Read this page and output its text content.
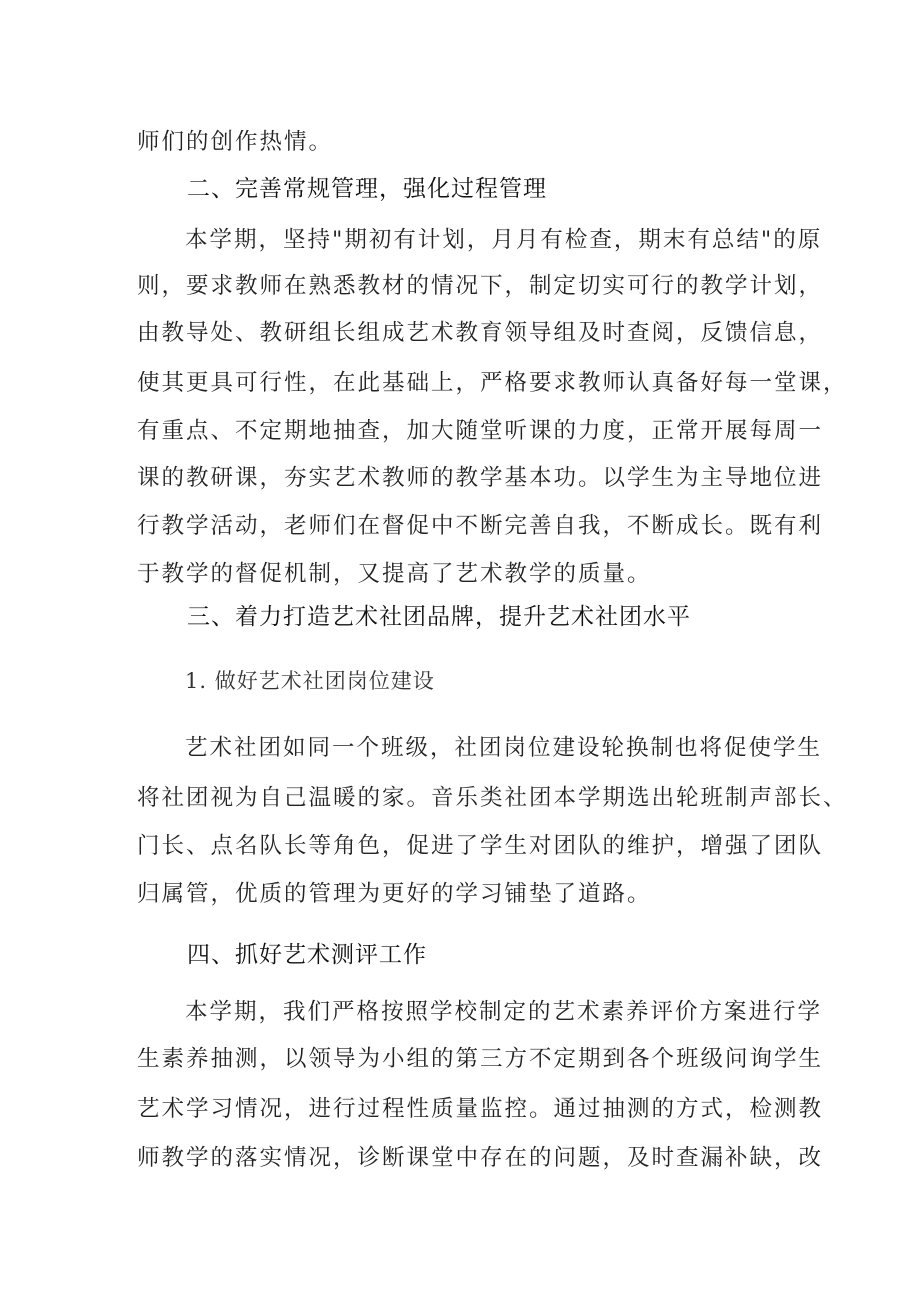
师们的创作热情。
二、完善常规管理，强化过程管理
本学期，坚持"期初有计划，月月有检查，期末有总结"的原
则，要求教师在熟悉教材的情况下，制定切实可行的教学计划，
由教导处、教研组长组成艺术教育领导组及时查阅，反馈信息，
使其更具可行性，在此基础上，严格要求教师认真备好每一堂课，
有重点、不定期地抽查，加大随堂听课的力度，正常开展每周一
课的教研课，夯实艺术教师的教学基本功。以学生为主导地位进
行教学活动，老师们在督促中不断完善自我，不断成长。既有利
于教学的督促机制，又提高了艺术教学的质量。
三、着力打造艺术社团品牌，提升艺术社团水平
1. 做好艺术社团岗位建设
艺术社团如同一个班级，社团岗位建设轮换制也将促使学生
将社团视为自己温暖的家。音乐类社团本学期选出轮班制声部长、
门长、点名队长等角色，促进了学生对团队的维护，增强了团队
归属管，优质的管理为更好的学习铺垫了道路。
四、抓好艺术测评工作
本学期，我们严格按照学校制定的艺术素养评价方案进行学
生素养抽测，以领导为小组的第三方不定期到各个班级问询学生
艺术学习情况，进行过程性质量监控。通过抽测的方式，检测教
师教学的落实情况，诊断课堂中存在的问题，及时查漏补缺，改
